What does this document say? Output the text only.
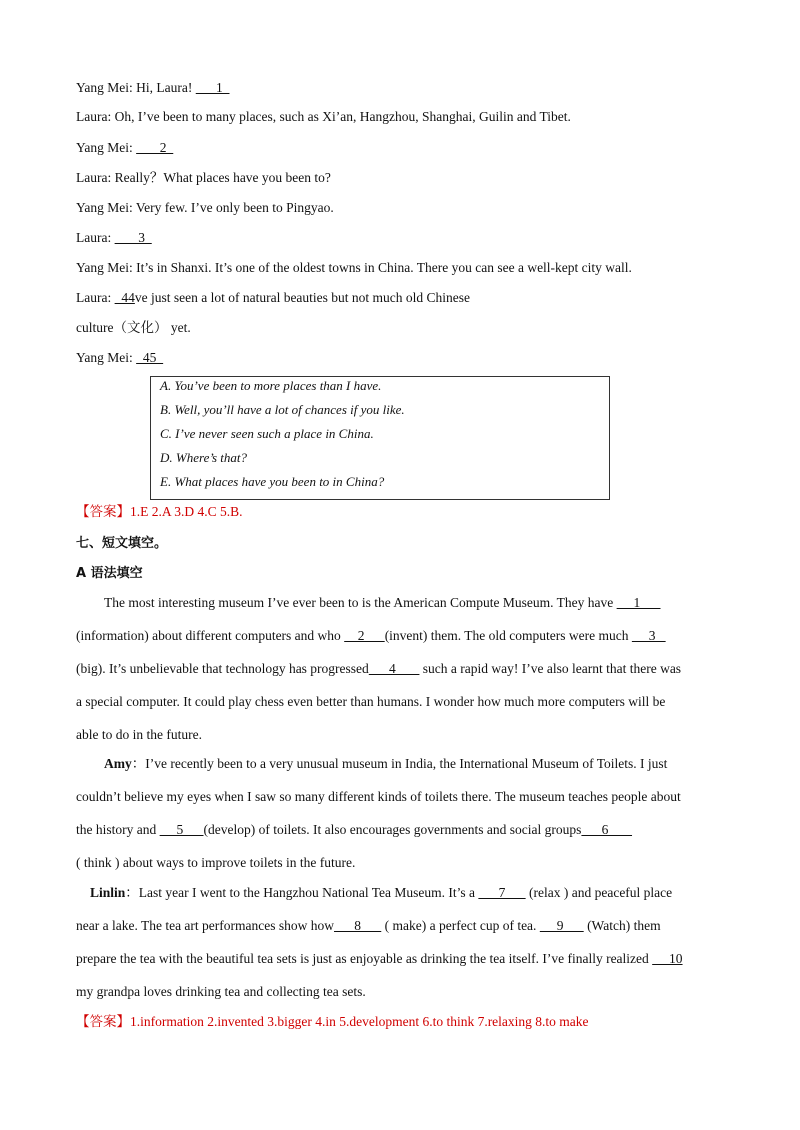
Yang Mei: Hi, Laura!       1
Laura: Oh, I’ve been to many places, such as Xi’an, Hangzhou, Shanghai, Guilin and Tibet.
Yang Mei:        2
Laura: Really？What places have you been to?
Yang Mei: Very few. I’ve only been to Pingyao.
Laura:        3
Yang Mei: It’s in Shanxi. It’s one of the oldest towns in China. There you can see a well-kept city wall.
Laura:   44ve just seen a lot of natural beauties but not much old Chinese
culture（文化） yet.
Yang Mei:   45
A. You’ve been to more places than I have.
B. Well, you’ll have a lot of chances if you like.
C. I’ve never seen such a place in China.
D. Where’s that?
E. What places have you been to in China?
【答案】1.E 2.A 3.D 4.C 5.B.
七、短文填空。
A 语法填空
The most interesting museum I’ve ever been to is the American Compute Museum. They have      1
(information) about different computers and who     2      (invent) them. The old computers were much      3
(big). It’s unbelievable that technology has progressed      4        such a rapid way! I’ve also learnt that there was
a special computer. It could play chess even better than humans. I wonder how much more computers will be
able to do in the future.
Amy：I’ve recently been to a very unusual museum in India, the International Museum of Toilets. I just
couldn’t believe my eyes when I saw so many different kinds of toilets there. The museum teaches people about
the history and      5      (develop) of toilets. It also encourages governments and social groups      6
( think ) about ways to improve toilets in the future.
Linlin：Last year I went to the Hangzhou National Tea Museum. It’s a       7       (relax ) and peaceful place
near a lake. The tea art performances show how      8       ( make) a perfect cup of tea.      9       (Watch) them
prepare the tea with the beautiful tea sets is just as enjoyable as drinking the tea itself. I’ve finally realized      10
my grandpa loves drinking tea and collecting tea sets.
【答案】1.information 2.invented 3.bigger 4.in 5.development 6.to think 7.relaxing 8.to make
